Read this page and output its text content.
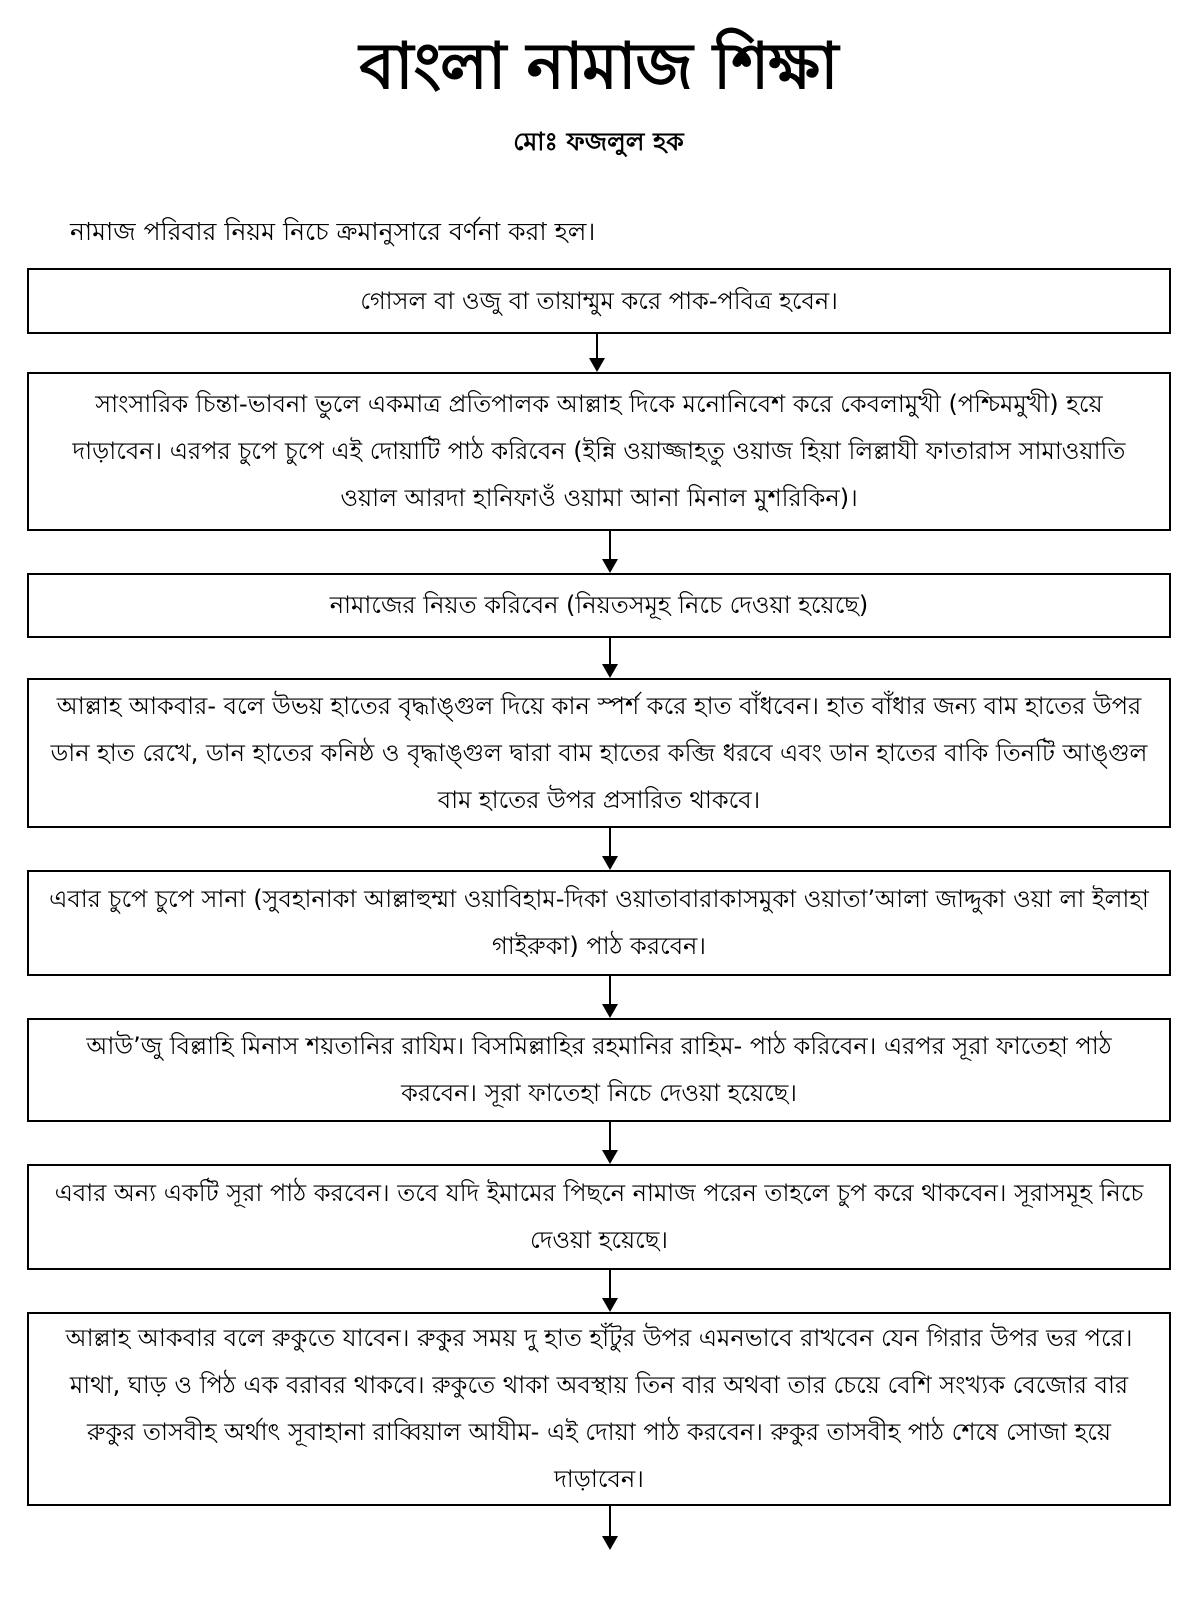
বাংলা নামাজ শিক্ষা
মোঃ ফজলুল হক
নামাজ পরিবার নিয়ম নিচে ক্রমানুসারে বর্ণনা করা হল।
গোসল বা ওজু বা তায়াম্মুম করে পাক-পবিত্র হবেন।
সাংসারিক চিন্তা-ভাবনা ভুলে একমাত্র প্রতিপালক আল্লাহ দিকে মনোনিবেশ করে কেবলামুখী (পশ্চিমমুখী) হয়ে দাড়াবেন। এরপর চুপে চুপে এই দোয়াটি পাঠ করিবেন (ইন্নি ওয়াজ্জাহতু ওয়াজ হিয়া লিল্লাযী ফাতারাস সামাওয়াতি ওয়াল আরদা হানিফাওঁ ওয়ামা আনা মিনাল মুশরিকিন)।
নামাজের নিয়ত করিবেন (নিয়তসমূহ নিচে দেওয়া হয়েছে)
আল্লাহ আকবার- বলে উভয় হাতের বৃদ্ধাঙ্গুল দিয়ে কান স্পর্শ করে হাত বাঁধবেন। হাত বাঁধার জন্য বাম হাতের উপর ডান হাত রেখে, ডান হাতের কনিষ্ঠ ও বৃদ্ধাঙ্গুল দ্বারা বাম হাতের কব্জি ধরবে এবং ডান হাতের বাকি তিনটি আঙ্গুল বাম হাতের উপর প্রসারিত থাকবে।
এবার চুপে চুপে সানা (সুবহানাকা আল্লাহুম্মা ওয়াবিহাম-দিকা ওয়াতাবারাকাসমুকা ওয়াতা’আলা জাদ্দুকা ওয়া লা ইলাহা গাইরুকা) পাঠ করবেন।
আউ’জু বিল্লাহি মিনাস শয়তানির রাযিম। বিসমিল্লাহির রহমানির রাহিম- পাঠ করিবেন। এরপর সূরা ফাতেহা পাঠ করবেন। সূরা ফাতেহা নিচে দেওয়া হয়েছে।
এবার অন্য একটি সূরা পাঠ করবেন। তবে যদি ইমামের পিছনে নামাজ পরেন তাহলে চুপ করে থাকবেন। সূরাসমূহ নিচে দেওয়া হয়েছে।
আল্লাহ আকবার বলে রুকুতে যাবেন। রুকুর সময় দু হাত হাঁটুর উপর এমনভাবে রাখবেন যেন গিরার উপর ভর পরে। মাথা, ঘাড় ও পিঠ এক বরাবর থাকবে। রুকুতে থাকা অবস্থায় তিন বার অথবা তার চেয়ে বেশি সংখ্যক বেজোর বার রুকুর তাসবীহ অর্থাৎ সূবাহানা রাব্বিয়াল আযীম- এই দোয়া পাঠ করবেন। রুকুর তাসবীহ পাঠ শেষে সোজা হয়ে দাড়াবেন।
